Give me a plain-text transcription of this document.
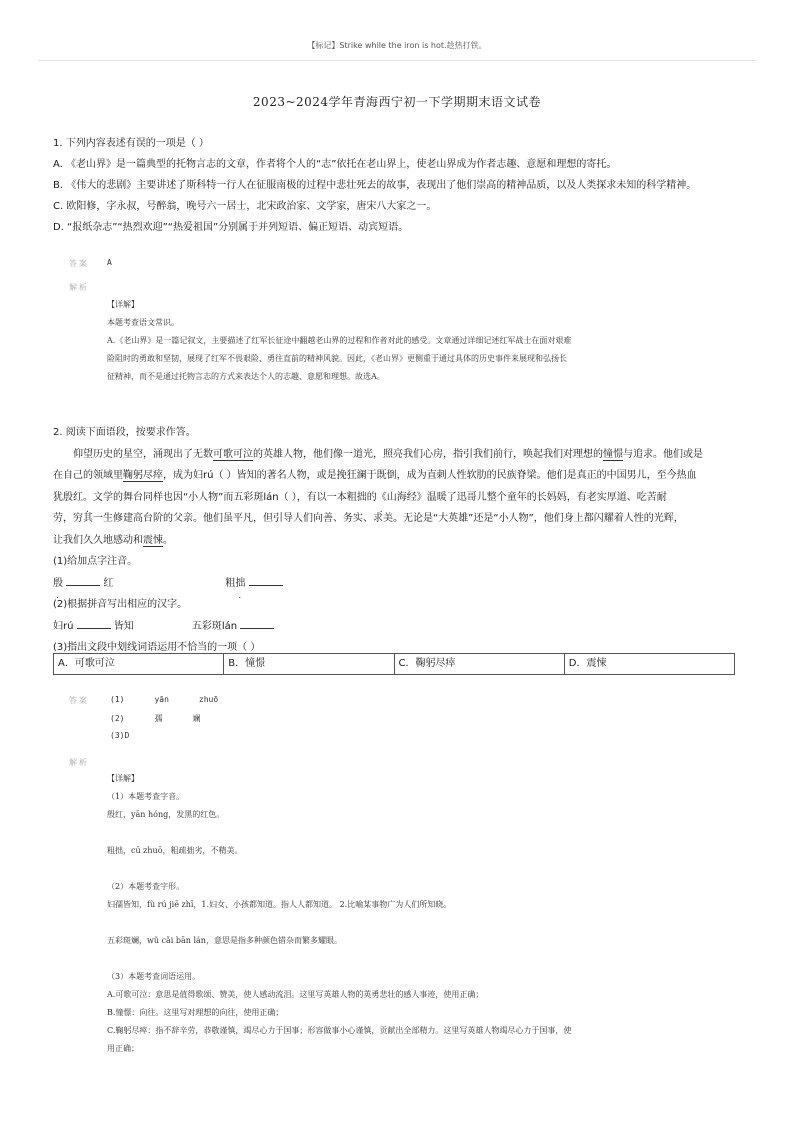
【标记】Strike while the iron is hot.趁热打铁。
2023~2024学年青海西宁初一下学期期末语文试卷
1. 下列内容表述有误的一项是（ ）
A. 《老山界》是一篇典型的托物言志的文章，作者将个人的“志”依托在老山界上，使老山界成为作者志趣、意愿和理想的寄托。
B. 《伟大的悲剧》主要讲述了斯科特一行人在征服南极的过程中悲壮死去的故事，表现出了他们崇高的精神品质，以及人类探求未知的科学精神。
C. 欧阳修，字永叔，号醉翁，晚号六一居士，北宋政治家、文学家，唐宋八大家之一。
D. “报纸杂志”“热烈欢迎”“热爱祖国”分别属于并列短语、偏正短语、动宾短语。
答案 A
解析

【详解】

本题考查语文常识。

A.《老山界》是一篇记叙文，主要描述了红军长征途中翻越老山界的过程和作者对此的感受。文章通过详细记述红军战士在面对艰难

险阻时的勇敢和坚韧，展现了红军不畏艰险、勇往直前的精神风貌。因此，《老山界》更侧重于通过具体的历史事件来展现和弘扬长

征精神，而不是通过托物言志的方式来表达个人的志趣、意愿和理想。故选A。

2. 阅读下面语段，按要求作答。

仰望历史的星空，涌现出了无数可歌可泣的英雄人物，他们像一道光，照亮我们心房，指引我们前行，唤起我们对理想的憧憬与追求。他们或是
在自己的领域里鞠躬尽瘁，成为妇rú（ ）皆知的著名人物，或是挽狂澜于既倒，成为直刺人性软肋的民族脊梁。他们是真正的中国男儿，至今热血
犹殷 .红。文学的舞台同样也因“小人物”而五彩斑lán（ ），有以一本粗拙 .的《山海经》温暖了迅哥儿整个童年的长妈妈，有老实厚道、吃苦耐
劳，穷其一生修建高台阶的父亲。他们虽平凡，但引导人们向善、务实、求美。无论是“大英雄”还是“小人物”，他们身上都闪耀着人性的光辉，
让我们久久地感动和震悚。

(1)给加点字注音。

殷	红	粗拙

(2)根据拼音写出相应的汉字。

妇rú	皆知	五彩斑lán

(3)指出文段中划线词语运用不恰当的一项（ ）

A．可歌可泣	B．憧憬	C．鞠躬尽瘁	D．震悚
答案	(1)	yān	zhuō
(2)	孺	斓
(3)D
解析

【详解】

（1）本题考查字音。

殷红，yān hóng，发黑的红色。

粗拙，cū zhuō，粗疏拙劣，不精美。

（2）本题考查字形。

妇孺皆知，fù rú jiē zhī，1.妇女、小孩都知道。指人人都知道。 2.比喻某事物广为人们所知晓。

五彩斑斓，wǔ cǎi bān lán，意思是指多种颜色错杂而繁多耀眼。

（3）本题考查词语运用。

A.可歌可泣：意思是值得歌颂、赞美，使人感动流泪。这里写英雄人物的英勇悲壮的感人事迹，使用正确；

B.憧憬：向往。这里写对理想的向往，使用正确；

C.鞠躬尽瘁：指不辞辛劳，恭敬谨慎，竭尽心力于国事；形容做事小心谨慎，贡献出全部精力。这里写英雄人物竭尽心力于国事，使

用正确；
